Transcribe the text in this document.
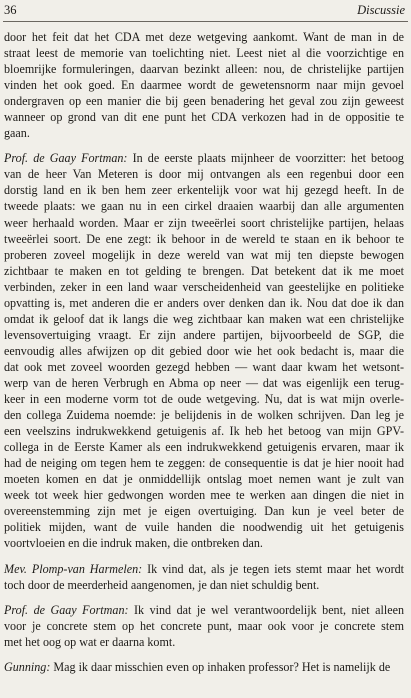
36	Discussie
door het feit dat het CDA met deze wetgeving aankomt. Want de man in de
straat leest de memorie van toelichting niet. Leest niet al die voorzichtige en
bloemrijke formuleringen, daarvan bezinkt alleen: nou, de christelijke partijen
vinden het ook goed. En daarmee wordt de gewetensnorm naar mijn gevoel
ondergraven op een manier die bij geen benadering het geval zou zijn geweest
wanneer op grond van dit ene punt het CDA verkozen had in de oppositie te
gaan.
Prof. de Gaay Fortman: In de eerste plaats mijnheer de voorzitter: het betoog
van de heer Van Meteren is door mij ontvangen als een regenbui door een
dorstig land en ik ben hem zeer erkentelijk voor wat hij gezegd heeft. In de
tweede plaats: we gaan nu in een cirkel draaien waarbij dan alle argumenten
weer herhaald worden. Maar er zijn tweeërlei soort christelijke partijen, helaas
tweeërlei soort. De ene zegt: ik behoor in de wereld te staan en ik behoor te
proberen zoveel mogelijk in deze wereld van wat mij ten diepste bewogen
zichtbaar te maken en tot gelding te brengen. Dat betekent dat ik me moet
verbinden, zeker in een land waar verscheidenheid van geestelijke en politieke
opvatting is, met anderen die er anders over denken dan ik. Nou dat doe ik dan
omdat ik geloof dat ik langs die weg zichtbaar kan maken wat een christelijke
levensovertuiging vraagt. Er zijn andere partijen, bijvoorbeeld de SGP, die
eenvoudig alles afwijzen op dit gebied door wie het ook bedacht is, maar die
dat ook met zoveel woorden gezegd hebben — want daar kwam het wetsont-
werp van de heren Verbrugh en Abma op neer — dat was eigenlijk een terug-
keer in een moderne vorm tot de oude wetgeving. Nu, dat is wat mijn overle-
den collega Zuidema noemde: je belijdenis in de wolken schrijven. Dan leg je
een veelszins indrukwekkend getuigenis af. Ik heb het betoog van mijn GPV-
collega in de Eerste Kamer als een indrukwekkend getuigenis ervaren, maar ik
had de neiging om tegen hem te zeggen: de consequentie is dat je hier nooit had
moeten komen en dat je onmiddellijk ontslag moet nemen want je zult van
week tot week hier gedwongen worden mee te werken aan dingen die niet in
overeenstemming zijn met je eigen overtuiging. Dan kun je veel beter de
politiek mijden, want de vuile handen die noodwendig uit het getuigenis
voortvloeien en die indruk maken, die ontbreken dan.
Mev. Plomp-van Harmelen: Ik vind dat, als je tegen iets stemt maar het wordt
toch door de meerderheid aangenomen, je dan niet schuldig bent.
Prof. de Gaay Fortman: Ik vind dat je wel verantwoordelijk bent, niet alleen
voor je concrete stem op het concrete punt, maar ook voor je concrete stem
met het oog op wat er daarna komt.
Gunning: Mag ik daar misschien even op inhaken professor? Het is namelijk de
